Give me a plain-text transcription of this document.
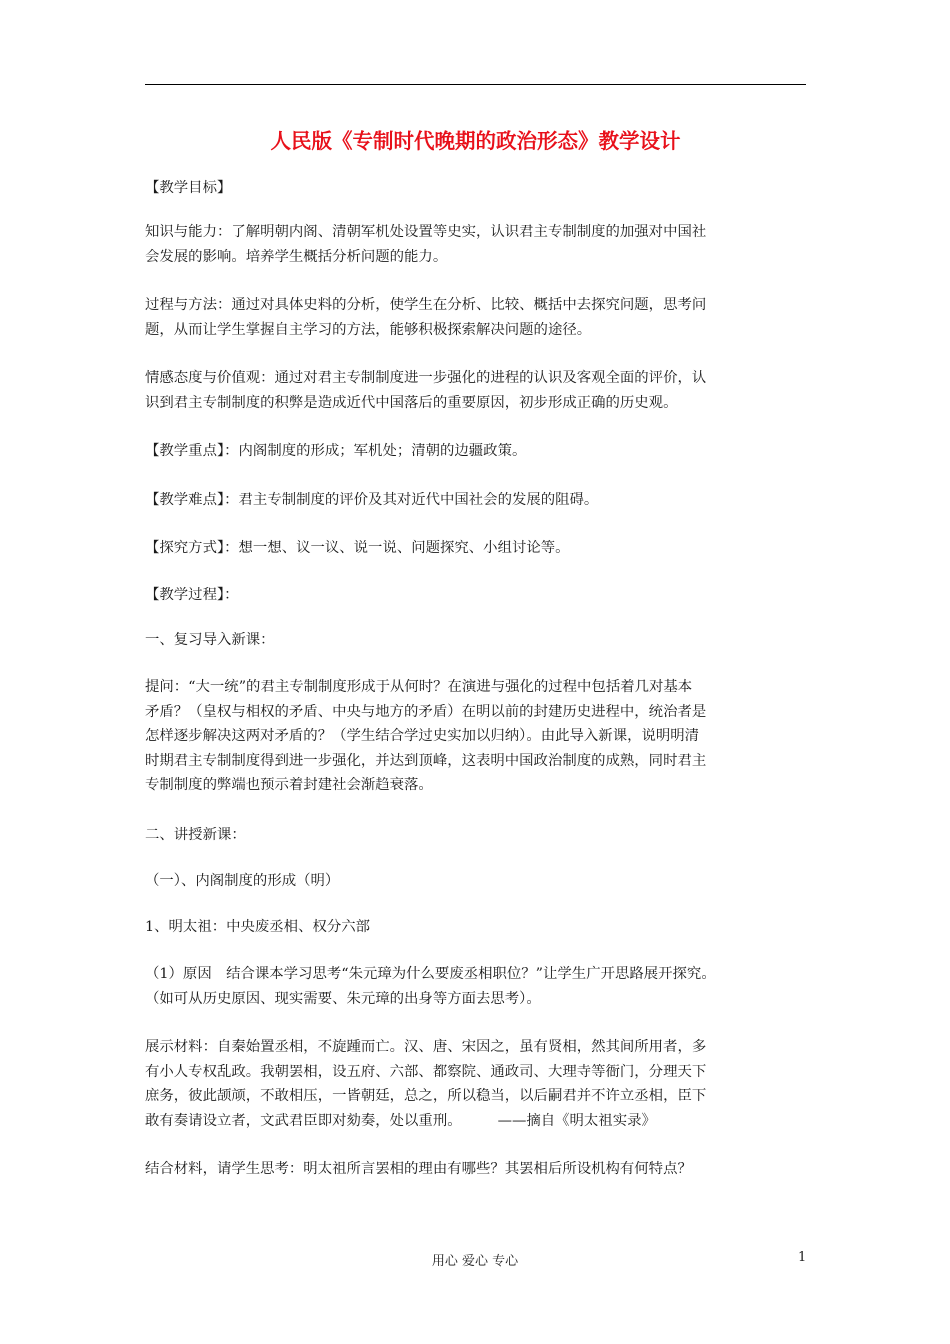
人民版《专制时代晚期的政治形态》教学设计
【教学目标】
知识与能力：了解明朝内阁、清朝军机处设置等史实，认识君主专制制度的加强对中国社
会发展的影响。培养学生概括分析问题的能力。
过程与方法：通过对具体史料的分析，使学生在分析、比较、概括中去探究问题，思考问
题，从而让学生掌握自主学习的方法，能够积极探索解决问题的途径。
情感态度与价值观：通过对君主专制制度进一步强化的进程的认识及客观全面的评价，认
识到君主专制制度的积弊是造成近代中国落后的重要原因，初步形成正确的历史观。
【教学重点】：内阁制度的形成；军机处；清朝的边疆政策。
【教学难点】：君主专制制度的评价及其对近代中国社会的发展的阻碍。
【探究方式】：想一想、议一议、说一说、问题探究、小组讨论等。
【教学过程】：
一、复习导入新课：
提问：“大一统”的君主专制制度形成于从何时？在演进与强化的过程中包括着几对基本
矛盾？（皇权与相权的矛盾、中央与地方的矛盾）在明以前的封建历史进程中，统治者是
怎样逐步解决这两对矛盾的？（学生结合学过史实加以归纳）。由此导入新课，说明明清
时期君主专制制度得到进一步强化，并达到顶峰，这表明中国政治制度的成熟，同时君主
专制制度的弊端也预示着封建社会渐趋衰落。
二、讲授新课：
（一）、内阁制度的形成（明）
1、明太祖：中央废丞相、权分六部
（1）原因　结合课本学习思考“朱元璋为什么要废丞相职位？”让学生广开思路展开探究。
（如可从历史原因、现实需要、朱元璋的出身等方面去思考）。
展示材料：自秦始置丞相，不旋踵而亡。汉、唐、宋因之，虽有贤相，然其间所用者，多
有小人专权乱政。我朝罢相，设五府、六部、都察院、通政司、大理寺等衙门，分理天下
庶务，彼此颉颃，不敢相压，一皆朝廷，总之，所以稳当，以后嗣君并不许立丞相，臣下
敢有奏请设立者，文武君臣即对劾奏，处以重刑。　　　——摘自《明太祖实录》
结合材料，请学生思考：明太祖所言罢相的理由有哪些？其罢相后所设机构有何特点？
用心 爱心 专心	1
